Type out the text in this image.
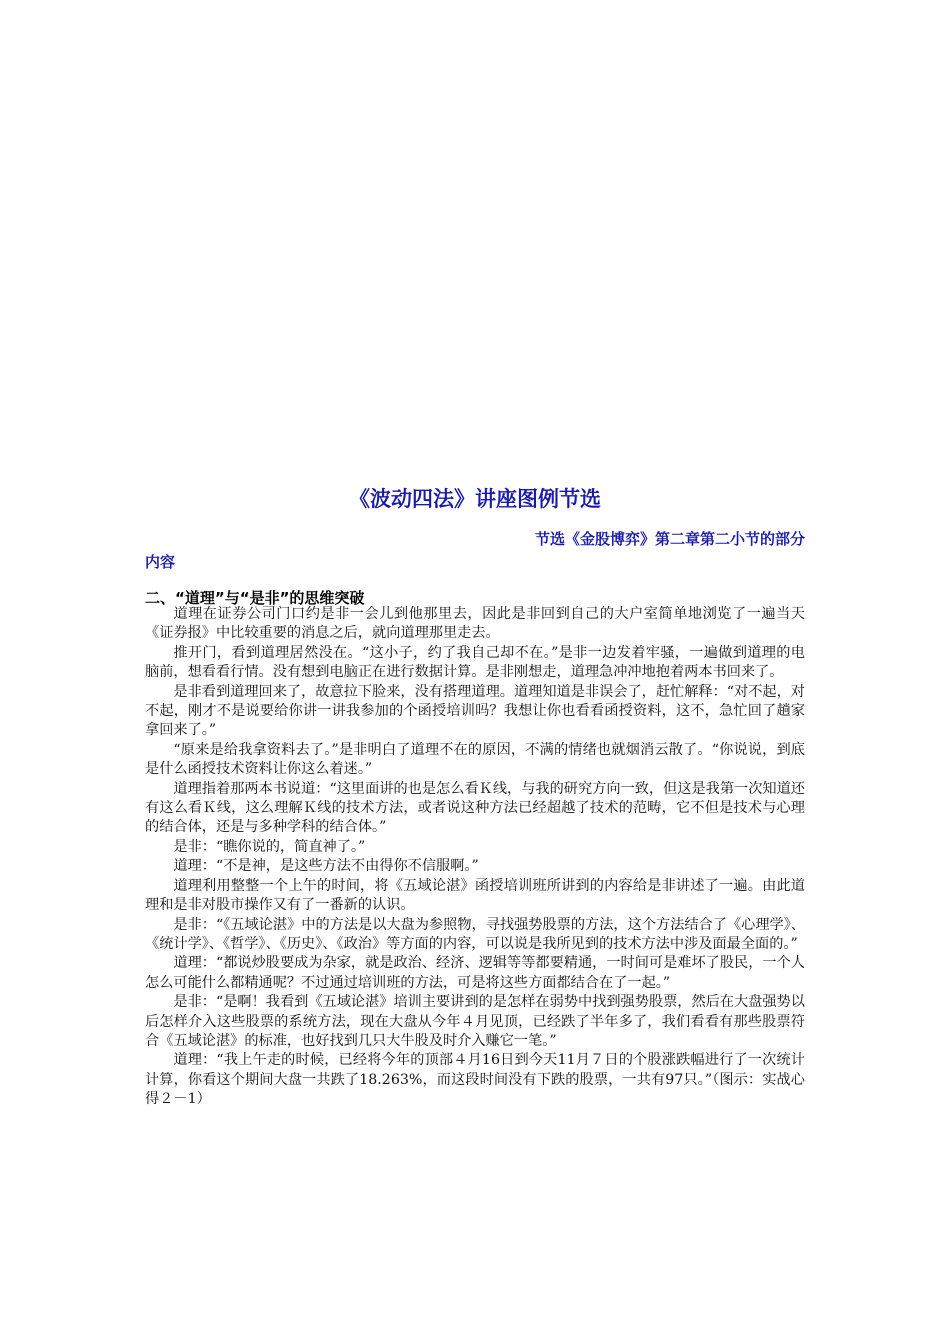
《波动四法》讲座图例节选
节选《金股博弈》第二章第二小节的部分
内容
二、“道理”与“是非”的思维突破

道理在证券公司门口约是非一会儿到他那里去，因此是非回到自己的大户室简单地浏览了一遍当天《证券报》中比较重要的消息之后，就向道理那里走去。

推开门，看到道理居然没在。“这小子，约了我自己却不在。”是非一边发着牢骚，一遍做到道理的电脑前，想看看行情。没有想到电脑正在进行数据计算。是非刚想走，道理急冲冲地抱着两本书回来了。

是非看到道理回来了，故意拉下脸来，没有搭理道理。道理知道是非误会了，赶忙解释：“对不起，对不起，刚才不是说要给你讲一讲我参加的个函授培训吗？我想让你也看看函授资料，这不，急忙回了趟家拿回来了。”

“原来是给我拿资料去了。”是非明白了道理不在的原因，不满的情绪也就烟消云散了。“你说说，到底是什么函授技术资料让你这么着迷。”

道理指着那两本书说道：“这里面讲的也是怎么看Ｋ线，与我的研究方向一致，但这是我第一次知道还有这么看Ｋ线，这么理解Ｋ线的技术方法，或者说这种方法已经超越了技术的范畴，它不但是技术与心理的结合体，还是与多种学科的结合体。”

是非：“瞧你说的，简直神了。”

道理：“不是神，是这些方法不由得你不信服啊。”

道理利用整整一个上午的时间，将《五域论湛》函授培训班所讲到的内容给是非讲述了一遍。由此道理和是非对股市操作又有了一番新的认识。

是非：“《五域论湛》中的方法是以大盘为参照物，寻找强势股票的方法，这个方法结合了《心理学》、《统计学》、《哲学》、《历史》、《政治》等方面的内容，可以说是我所见到的技术方法中涉及面最全面的。”

道理：“都说炒股要成为杂家，就是政治、经济、逻辑等等都要精通，一时间可是难坏了股民，一个人怎么可能什么都精通呢？不过通过培训班的方法，可是将这些方面都结合在了一起。”

是非：“是啊！我看到《五域论湛》培训主要讲到的是怎样在弱势中找到强势股票，然后在大盘强势以后怎样介入这些股票的系统方法，现在大盘从今年４月见顶，已经跌了半年多了，我们看看有那些股票符合《五域论湛》的标准，也好找到几只大牛股及时介入赚它一笔。”

道理：“我上午走的时候，已经将今年的顶部４月16日到今天11月７日的个股涨跌幅进行了一次统计计算，你看这个期间大盘一共跌了18.263%，而这段时间没有下跌的股票，一共有97只。”（图示：实战心得２－1）
